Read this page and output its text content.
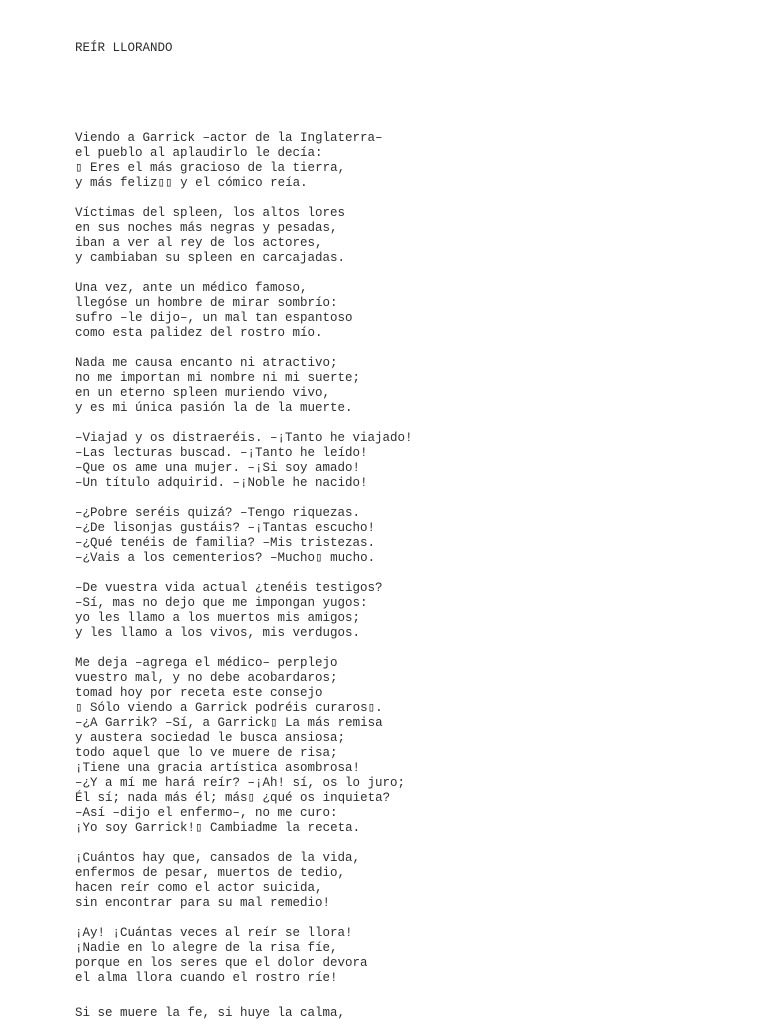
REÍR LLORANDO

Viendo a Garrick –actor de la Inglaterra–
el pueblo al aplaudirlo le decía:
▯ Eres el más gracioso de la tierra,
y más feliz▯▯ y el cómico reía.
Víctimas del spleen, los altos lores
en sus noches más negras y pesadas,
iban a ver al rey de los actores,
y cambiaban su spleen en carcajadas.
Una vez, ante un médico famoso,
llegóse un hombre de mirar sombrío:
sufro –le dijo–, un mal tan espantoso
como esta palidez del rostro mío.
Nada me causa encanto ni atractivo;
no me importan mi nombre ni mi suerte;
en un eterno spleen muriendo vivo,
y es mi única pasión la de la muerte.
–Viajad y os distraeréis. –¡Tanto he viajado!
–Las lecturas buscad. –¡Tanto he leído!
–Que os ame una mujer. –¡Si soy amado!
–Un título adquirid. –¡Noble he nacido!
–¿Pobre seréis quizá? –Tengo riquezas.
–¿De lisonjas gustáis? –¡Tantas escucho!
–¿Qué tenéis de familia? –Mis tristezas.
–¿Vais a los cementerios? –Mucho▯ mucho.
–De vuestra vida actual ¿tenéis testigos?
–Sí, mas no dejo que me impongan yugos:
yo les llamo a los muertos mis amigos;
y les llamo a los vivos, mis verdugos.
Me deja –agrega el médico– perplejo
vuestro mal, y no debe acobardaros;
tomad hoy por receta este consejo
▯ Sólo viendo a Garrick podréis curaros▯.
–¿A Garrik? –Sí, a Garrick▯ La más remisa
y austera sociedad le busca ansiosa;
todo aquel que lo ve muere de risa;
¡Tiene una gracia artística asombrosa!
–¿Y a mí me hará reír? –¡Ah! sí, os lo juro;
Él sí; nada más él; más▯ ¿qué os inquieta?
–Así –dijo el enfermo–, no me curo:
¡Yo soy Garrick!▯ Cambiadme la receta.
¡Cuántos hay que, cansados de la vida,
enfermos de pesar, muertos de tedio,
hacen reír como el actor suicida,
sin encontrar para su mal remedio!
¡Ay! ¡Cuántas veces al reír se llora!
¡Nadie en lo alegre de la risa fíe,
porque en los seres que el dolor devora
el alma llora cuando el rostro ríe!

Si se muere la fe, si huye la calma,
